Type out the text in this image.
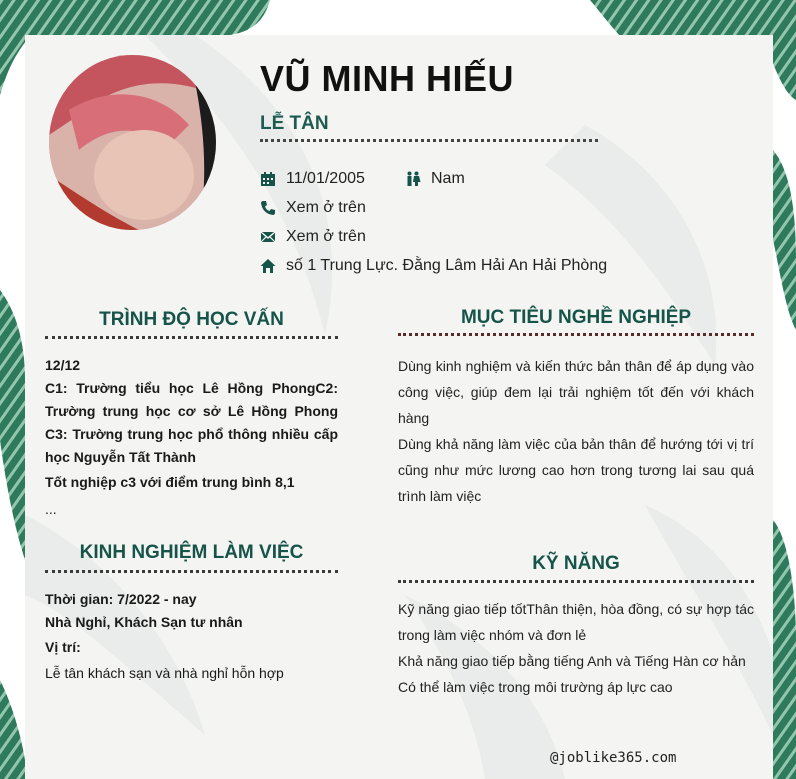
VŨ MINH HIẾU
LỄ TÂN
11/01/2005	Nam
Xem ở trên
Xem ở trên
số 1 Trung Lực. Đằng Lâm Hải An Hải Phòng
TRÌNH ĐỘ HỌC VẤN
12/12
C1: Trường tiểu học Lê Hồng PhongC2: Trường trung học cơ sở Lê Hồng Phong C3: Trường trung học phổ thông nhiều cấp học Nguyễn Tất Thành
Tốt nghiệp c3 với điểm trung bình 8,1
...
KINH NGHIỆM LÀM VIỆC
Thời gian: 7/2022 - nay
Nhà Nghỉ, Khách Sạn tư nhân
Vị trí:
Lễ tân khách sạn và nhà nghỉ hỗn hợp
MỤC TIÊU NGHỀ NGHIỆP
Dùng kinh nghiệm và kiến thức bản thân để áp dụng vào công việc, giúp đem lại trải nghiệm tốt đến với khách hàng
Dùng khả năng làm việc của bản thân để hướng tới vị trí cũng như mức lương cao hơn trong tương lai sau quá trình làm việc
KỸ NĂNG
Kỹ năng giao tiếp tốtThân thiện, hòa đồng, có sự hợp tác trong làm việc nhóm và đơn lẻ
Khả năng giao tiếp bằng tiếng Anh và Tiếng Hàn cơ hản
Có thể làm việc trong môi trường áp lực cao
@joblike365.com
